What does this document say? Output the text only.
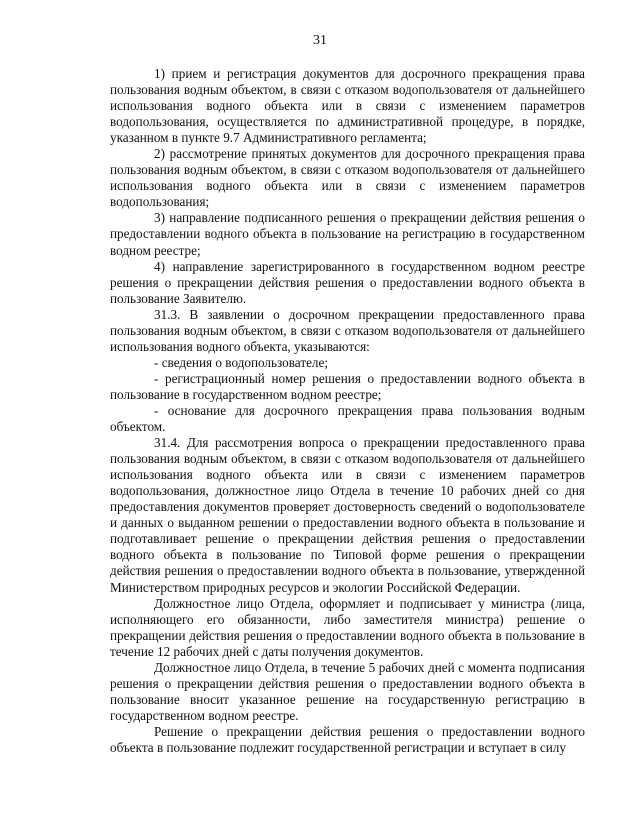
31

1) прием и регистрация документов для досрочного прекращения права пользования водным объектом, в связи с отказом водопользователя от дальнейшего использования водного объекта или в связи с изменением параметров водопользования, осуществляется по административной процедуре, в порядке, указанном в пункте 9.7 Административного регламента;

2) рассмотрение принятых документов для досрочного прекращения права пользования водным объектом, в связи с отказом водопользователя от дальнейшего использования водного объекта или в связи с изменением параметров водопользования;

3) направление подписанного решения о прекращении действия решения о предоставлении водного объекта в пользование на регистрацию в государственном водном реестре;

4) направление зарегистрированного в государственном водном реестре решения о прекращении действия решения о предоставлении водного объекта в пользование Заявителю.

31.3. В заявлении о досрочном прекращении предоставленного права пользования водным объектом, в связи с отказом водопользователя от дальнейшего использования водного объекта, указываются:

- сведения о водопользователе;

- регистрационный номер решения о предоставлении водного объекта в пользование в государственном водном реестре;

- основание для досрочного прекращения права пользования водным объектом.

31.4. Для рассмотрения вопроса о прекращении предоставленного права пользования водным объектом, в связи с отказом водопользователя от дальнейшего использования водного объекта или в связи с изменением параметров водопользования, должностное лицо Отдела в течение 10 рабочих дней со дня предоставления документов проверяет достоверность сведений о водопользователе и данных о выданном решении о предоставлении водного объекта в пользование и подготавливает решение о прекращении действия решения о предоставлении водного объекта в пользование по Типовой форме решения о прекращении действия решения о предоставлении водного объекта в пользование, утвержденной Министерством природных ресурсов и экологии Российской Федерации.

Должностное лицо Отдела, оформляет и подписывает у министра (лица, исполняющего его обязанности, либо заместителя министра) решение о прекращении действия решения о предоставлении водного объекта в пользование в течение 12 рабочих дней с даты получения документов.

Должностное лицо Отдела, в течение 5 рабочих дней с момента подписания решения о прекращении действия решения о предоставлении водного объекта в пользование вносит указанное решение на государственную регистрацию в государственном водном реестре.

Решение о прекращении действия решения о предоставлении водного объекта в пользование подлежит государственной регистрации и вступает в силу
